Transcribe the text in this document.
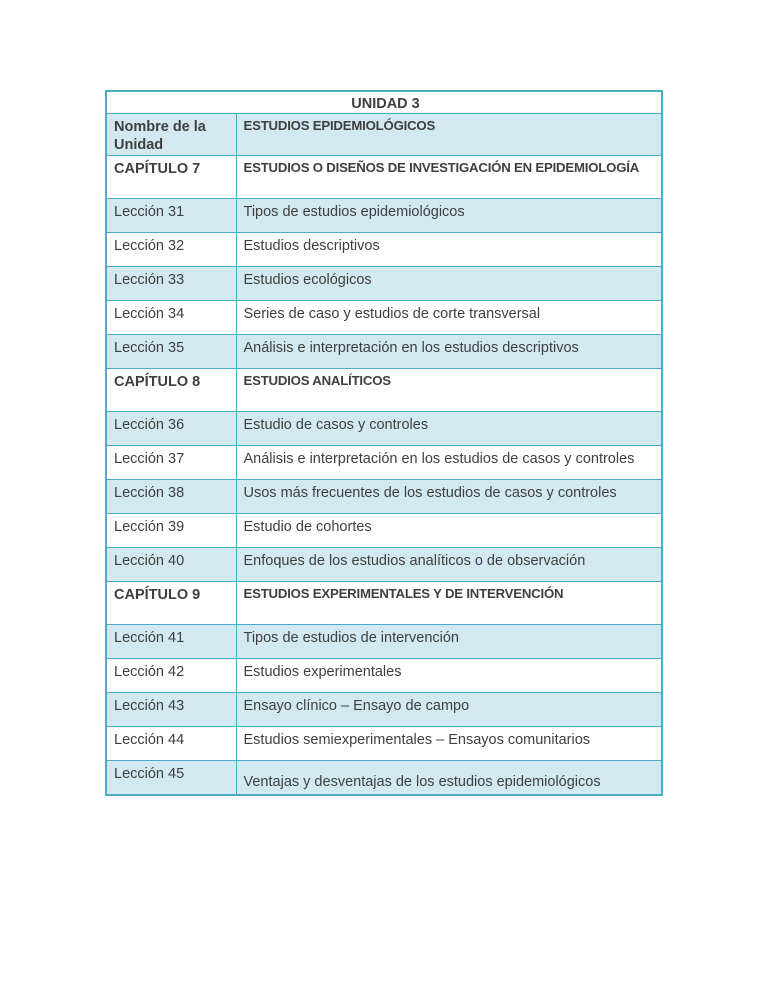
UNIDAD 3	
Nombre de la Unidad	ESTUDIOS EPIDEMIOLÓGICOS
CAPÍTULO 7	ESTUDIOS O DISEÑOS DE INVESTIGACIÓN EN EPIDEMIOLOGÍA
Lección 31	Tipos de estudios epidemiológicos
Lección 32	Estudios descriptivos
Lección 33	Estudios ecológicos
Lección 34	Series de caso y estudios de corte transversal
Lección 35	Análisis e interpretación en los estudios descriptivos
CAPÍTULO 8	ESTUDIOS ANALÍTICOS
Lección 36	Estudio de casos y controles
Lección 37	Análisis e interpretación en los estudios de casos y controles
Lección 38	Usos más frecuentes de los estudios de casos y controles
Lección 39	Estudio de cohortes
Lección 40	Enfoques de los estudios analíticos o de observación
CAPÍTULO 9	ESTUDIOS EXPERIMENTALES Y DE INTERVENCIÓN
Lección 41	Tipos de estudios de intervención
Lección 42	Estudios experimentales
Lección 43	Ensayo clínico – Ensayo de campo
Lección 44	Estudios semiexperimentales – Ensayos comunitarios
Lección 45	Ventajas y desventajas de los estudios epidemiológicos
